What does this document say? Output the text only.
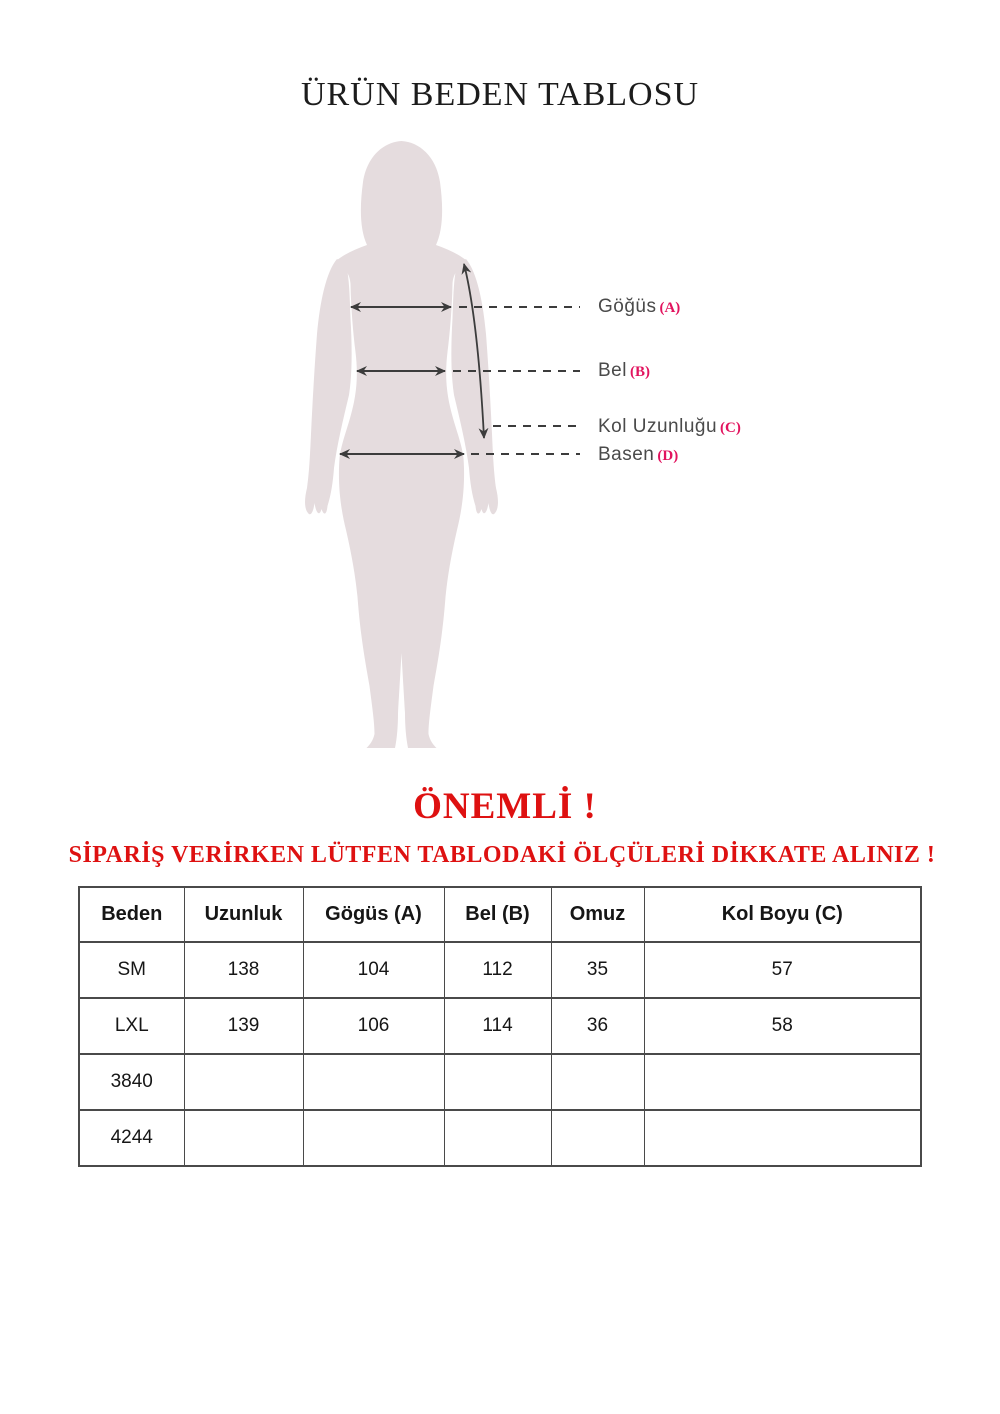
ÜRÜN BEDEN TABLOSU
Göğüs (A)
Bel (B)
Kol Uzunluğu (C)
Basen (D)
ÖNEMLİ !
SİPARİŞ VERİRKEN LÜTFEN TABLODAKİ ÖLÇÜLERİ DİKKATE ALINIZ !
Beden	Uzunluk	Gögüs (A)	Bel (B)	Omuz	Kol Boyu (C)
SM	138	104	112	35	57
LXL	139	106	114	36	58
3840					
4244					
